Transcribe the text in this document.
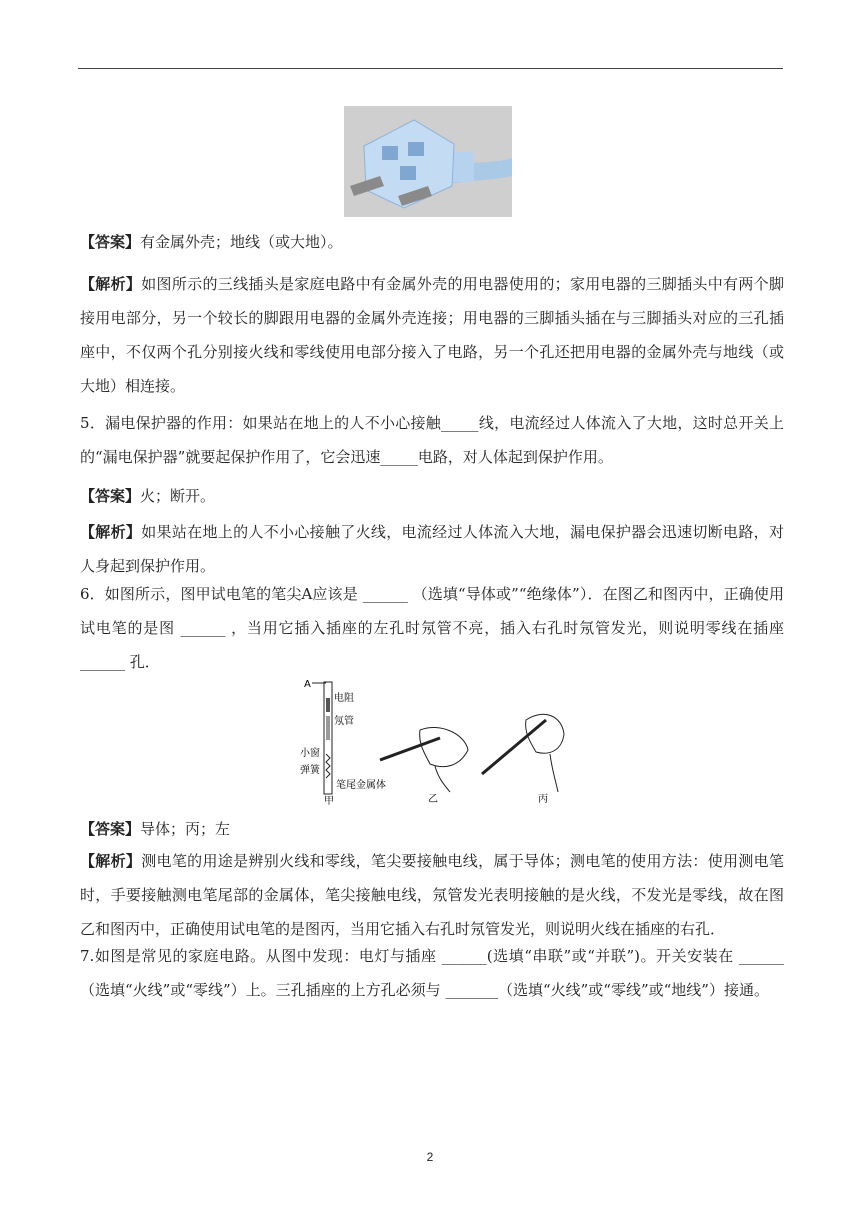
【答案】有金属外壳；地线（或大地）。

【解析】如图所示的三线插头是家庭电路中有金属外壳的用电器使用的；家用电器的三脚插头中有两个脚接用电部分，另一个较长的脚跟用电器的金属外壳连接；用电器的三脚插头插在与三脚插头对应的三孔插座中，不仅两个孔分别接火线和零线使用电部分接入了电路，另一个孔还把用电器的金属外壳与地线（或大地）相连接。

5．漏电保护器的作用：如果站在地上的人不小心接触_____线，电流经过人体流入了大地，这时总开关上的“漏电保护器”就要起保护作用了，它会迅速_____电路，对人体起到保护作用。

【答案】火；断开。

【解析】如果站在地上的人不小心接触了火线，电流经过人体流入大地，漏电保护器会迅速切断电路，对人身起到保护作用。

6．如图所示，图甲试电笔的笔尖A应该是 ______ （选填“导体或”“绝缘体”）．在图乙和图丙中，正确使用试电笔的是图 ______ ，当用它插入插座的左孔时氖管不亮，插入右孔时氖管发光，则说明零线在插座______ 孔．

A
电阻
氖管
小窗
弹簧
笔尾金属体
甲	乙	丙

【答案】导体；丙；左

【解析】测电笔的用途是辨别火线和零线，笔尖要接触电线，属于导体；测电笔的使用方法：使用测电笔时，手要接触测电笔尾部的金属体，笔尖接触电线，氖管发光表明接触的是火线，不发光是零线，故在图乙和图丙中，正确使用试电笔的是图丙，当用它插入右孔时氖管发光，则说明火线在插座的右孔．

7.如图是常见的家庭电路。从图中发现：电灯与插座 ______(选填“串联”或“并联”)。开关安装在 ______（选填“火线”或“零线”）上。三孔插座的上方孔必须与 _______（选填“火线”或“零线”或“地线”）接通。

2
